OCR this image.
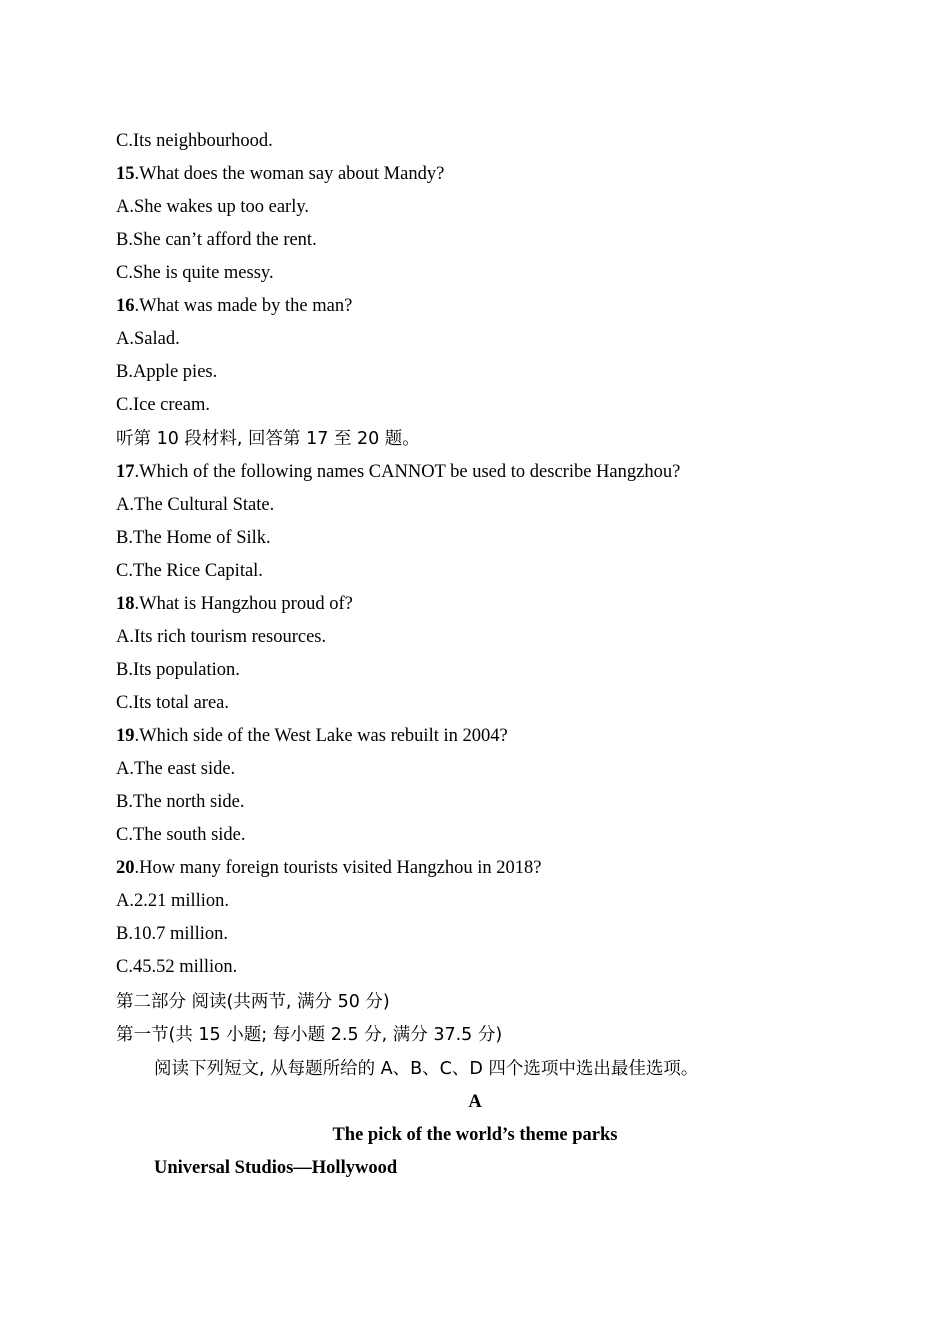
C.Its neighbourhood.
15.What does the woman say about Mandy?
A.She wakes up too early.
B.She can’t afford the rent.
C.She is quite messy.
16.What was made by the man?
A.Salad.
B.Apple pies.
C.Ice cream.
听第 10 段材料, 回答第 17 至 20 题。
17.Which of the following names CANNOT be used to describe Hangzhou?
A.The Cultural State.
B.The Home of Silk.
C.The Rice Capital.
18.What is Hangzhou proud of?
A.Its rich tourism resources.
B.Its population.
C.Its total area.
19.Which side of the West Lake was rebuilt in 2004?
A.The east side.
B.The north side.
C.The south side.
20.How many foreign tourists visited Hangzhou in 2018?
A.2.21 million.
B.10.7 million.
C.45.52 million.
第二部分 阅读(共两节, 满分 50 分)
第一节(共 15 小题; 每小题 2.5 分, 满分 37.5 分)
阅读下列短文, 从每题所给的 A、B、C、D 四个选项中选出最佳选项。
A
The pick of the world’s theme parks
Universal Studios—Hollywood
